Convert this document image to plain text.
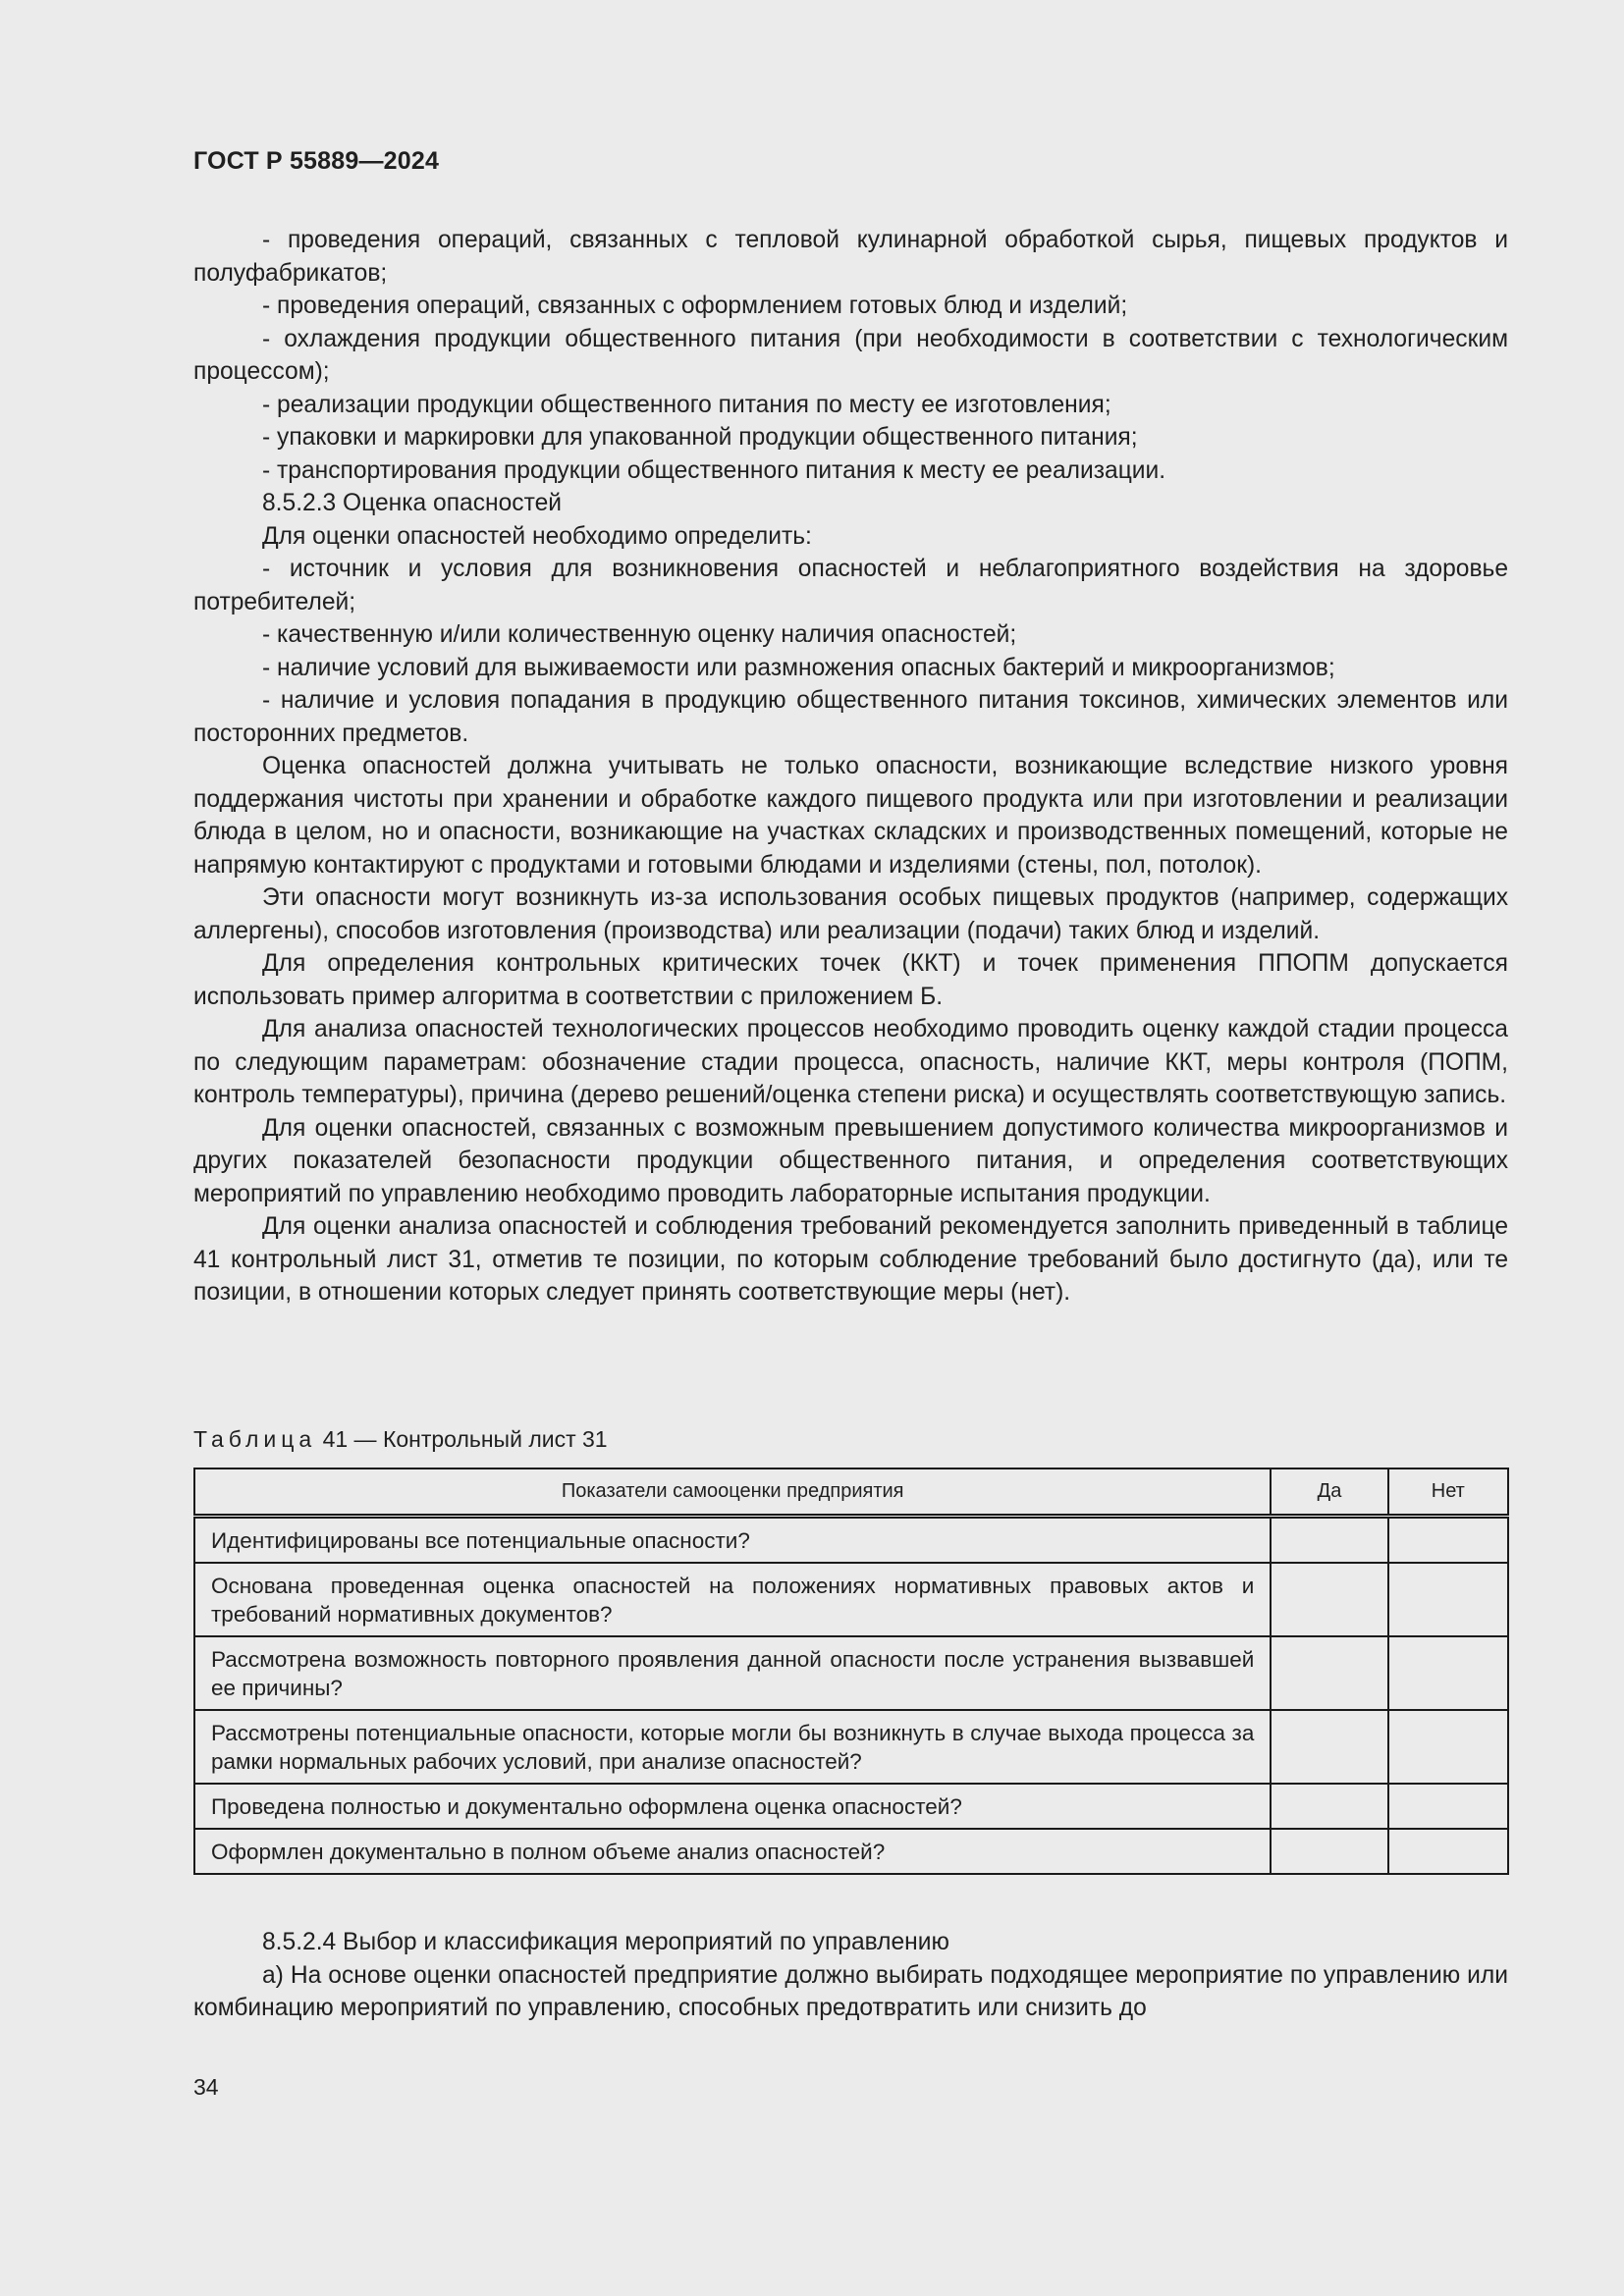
ГОСТ Р 55889—2024

- проведения операций, связанных с тепловой кулинарной обработкой сырья, пищевых продуктов и полуфабрикатов;

- проведения операций, связанных с оформлением готовых блюд и изделий;

- охлаждения продукции общественного питания (при необходимости в соответствии с технологическим процессом);

- реализации продукции общественного питания по месту ее изготовления;

- упаковки и маркировки для упакованной продукции общественного питания;

- транспортирования продукции общественного питания к месту ее реализации.

8.5.2.3 Оценка опасностей

Для оценки опасностей необходимо определить:

- источник и условия для возникновения опасностей и неблагоприятного воздействия на здоровье потребителей;

- качественную и/или количественную оценку наличия опасностей;

- наличие условий для выживаемости или размножения опасных бактерий и микроорганизмов;

- наличие и условия попадания в продукцию общественного питания токсинов, химических элементов или посторонних предметов.

Оценка опасностей должна учитывать не только опасности, возникающие вследствие низкого уровня поддержания чистоты при хранении и обработке каждого пищевого продукта или при изготовлении и реализации блюда в целом, но и опасности, возникающие на участках складских и производственных помещений, которые не напрямую контактируют с продуктами и готовыми блюдами и изделиями (стены, пол, потолок).

Эти опасности могут возникнуть из-за использования особых пищевых продуктов (например, содержащих аллергены), способов изготовления (производства) или реализации (подачи) таких блюд и изделий.

Для определения контрольных критических точек (ККТ) и точек применения ППОПМ допускается использовать пример алгоритма в соответствии с приложением Б.

Для анализа опасностей технологических процессов необходимо проводить оценку каждой стадии процесса по следующим параметрам: обозначение стадии процесса, опасность, наличие ККТ, меры контроля (ПОПМ, контроль температуры), причина (дерево решений/оценка степени риска) и осуществлять соответствующую запись.

Для оценки опасностей, связанных с возможным превышением допустимого количества микроорганизмов и других показателей безопасности продукции общественного питания, и определения соответствующих мероприятий по управлению необходимо проводить лабораторные испытания продукции.

Для оценки анализа опасностей и соблюдения требований рекомендуется заполнить приведенный в таблице 41 контрольный лист 31, отметив те позиции, по которым соблюдение требований было достигнуто (да), или те позиции, в отношении которых следует принять соответствующие меры (нет).

Таблица 41 — Контрольный лист 31
Показатели самооценки предприятия	Да	Нет
Идентифицированы все потенциальные опасности?		
Основана проведенная оценка опасностей на положениях нормативных правовых актов и требований нормативных документов?		
Рассмотрена возможность повторного проявления данной опасности после устранения вызвавшей ее причины?		
Рассмотрены потенциальные опасности, которые могли бы возникнуть в случае выхода процесса за рамки нормальных рабочих условий, при анализе опасностей?		
Проведена полностью и документально оформлена оценка опасностей?		
Оформлен документально в полном объеме анализ опасностей?		

8.5.2.4 Выбор и классификация мероприятий по управлению

а) На основе оценки опасностей предприятие должно выбирать подходящее мероприятие по управлению или комбинацию мероприятий по управлению, способных предотвратить или снизить до

34
